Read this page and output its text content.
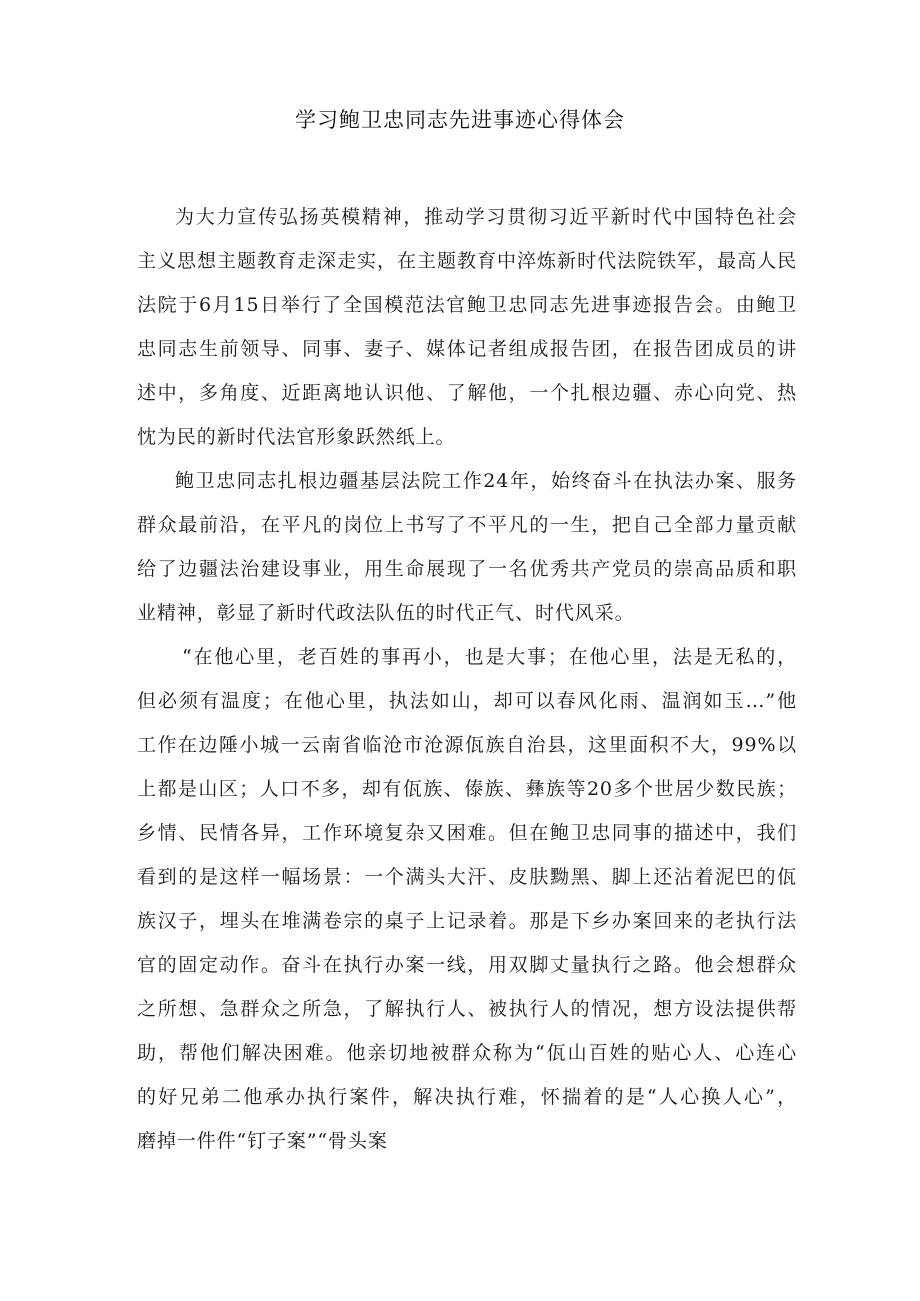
学习鲍卫忠同志先进事迹心得体会
为大力宣传弘扬英模精神，推动学习贯彻习近平新时代中国特色社会
主义思想主题教育走深走实，在主题教育中淬炼新时代法院铁军，最高人民
法院于6月15日举行了全国模范法官鲍卫忠同志先进事迹报告会。由鲍卫
忠同志生前领导、同事、妻子、媒体记者组成报告团，在报告团成员的讲
述中，多角度、近距离地认识他、了解他，一个扎根边疆、赤心向党、热
忱为民的新时代法官形象跃然纸上。
鲍卫忠同志扎根边疆基层法院工作24年，始终奋斗在执法办案、服务
群众最前沿，在平凡的岗位上书写了不平凡的一生，把自己全部力量贡献
给了边疆法治建设事业，用生命展现了一名优秀共产党员的崇高品质和职
业精神，彰显了新时代政法队伍的时代正气、时代风采。
“在他心里，老百姓的事再小，也是大事；在他心里，法是无私的，
但必须有温度；在他心里，执法如山，却可以春风化雨、温润如玉…”他
工作在边陲小城一云南省临沧市沧源佤族自治县，这里面积不大，99%以
上都是山区；人口不多，却有佤族、傣族、彝族等20多个世居少数民族；
乡情、民情各异，工作环境复杂又困难。但在鲍卫忠同事的描述中，我们
看到的是这样一幅场景：一个满头大汗、皮肤黝黑、脚上还沾着泥巴的佤
族汉子，埋头在堆满卷宗的桌子上记录着。那是下乡办案回来的老执行法
官的固定动作。奋斗在执行办案一线，用双脚丈量执行之路。他会想群众
之所想、急群众之所急，了解执行人、被执行人的情况，想方设法提供帮
助，帮他们解决困难。他亲切地被群众称为“佤山百姓的贴心人、心连心
的好兄弟二他承办执行案件，解决执行难，怀揣着的是“人心换人心”，
磨掉一件件“钉子案”“骨头案
